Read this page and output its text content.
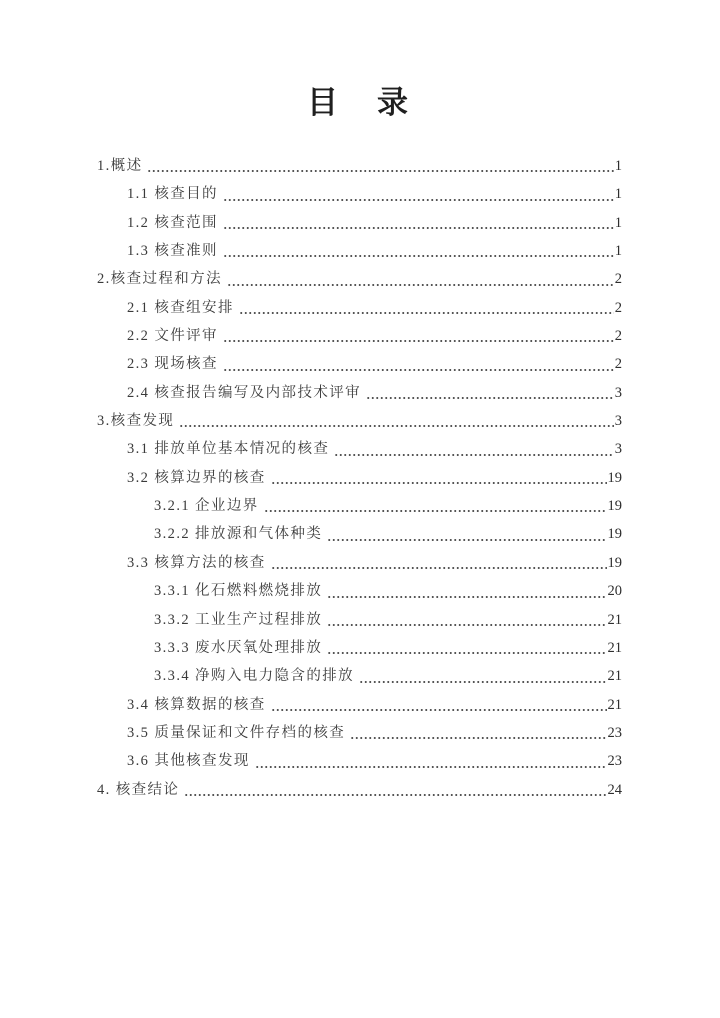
目　录
1.概述	1
1.1 核查目的	1
1.2 核查范围	1
1.3 核查准则	1
2.核查过程和方法	2
2.1 核查组安排	2
2.2 文件评审	2
2.3 现场核查	2
2.4 核查报告编写及内部技术评审	3
3.核查发现	3
3.1 排放单位基本情况的核查	3
3.2 核算边界的核查	19
3.2.1 企业边界	19
3.2.2 排放源和气体种类	19
3.3 核算方法的核查	19
3.3.1 化石燃料燃烧排放	20
3.3.2 工业生产过程排放	21
3.3.3 废水厌氧处理排放	21
3.3.4 净购入电力隐含的排放	21
3.4 核算数据的核查	21
3.5 质量保证和文件存档的核查	23
3.6 其他核查发现	23
4. 核查结论	24
